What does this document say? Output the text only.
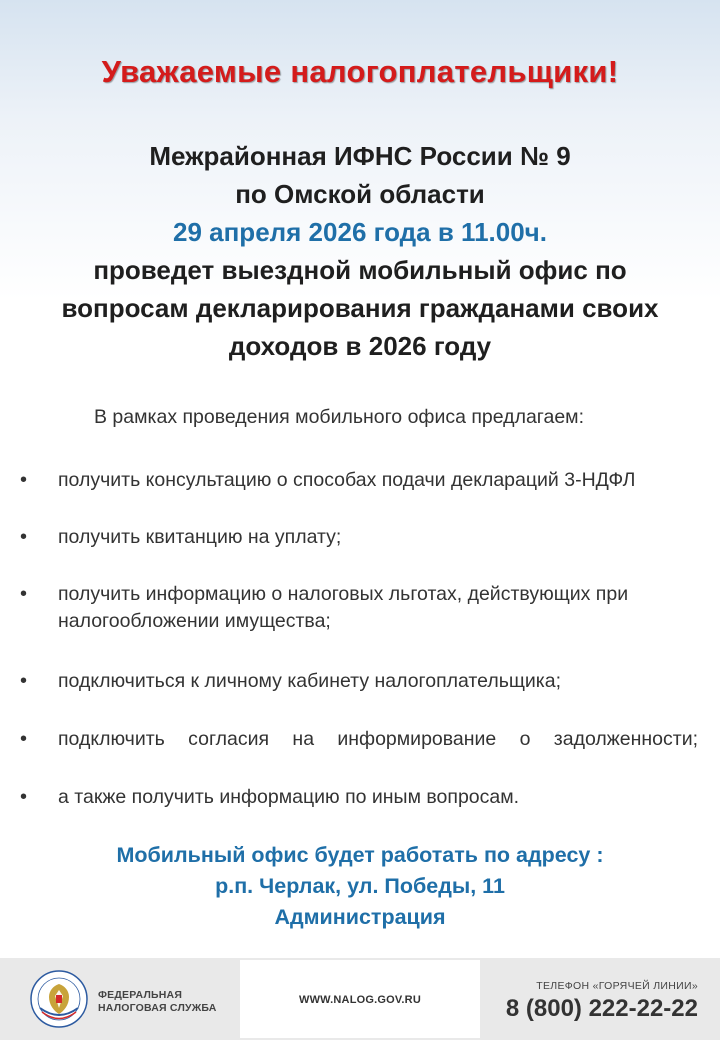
Уважаемые налогоплательщики!
Межрайонная ИФНС России № 9
по Омской области
29 апреля 2026 года в 11.00ч.
проведет выездной мобильный офис по
вопросам декларирования гражданами своих
доходов в 2026 году
В рамках проведения мобильного офиса предлагаем:
• получить консультацию о способах подачи деклараций 3-НДФЛ
• получить квитанцию на уплату;
• получить информацию о налоговых льготах, действующих при
налогообложении имущества;
• подключиться к личному кабинету налогоплательщика;
• подключить согласия на информирование о задолженности;
• а также получить информацию по иным вопросам.
Мобильный офис будет работать по адресу :
р.п. Черлак, ул. Победы, 11
Администрация
ФЕДЕРАЛЬНАЯ
НАЛОГОВАЯ СЛУЖБА
WWW.NALOG.GOV.RU
ТЕЛЕФОН «ГОРЯЧЕЙ ЛИНИИ»
8 (800) 222-22-22
